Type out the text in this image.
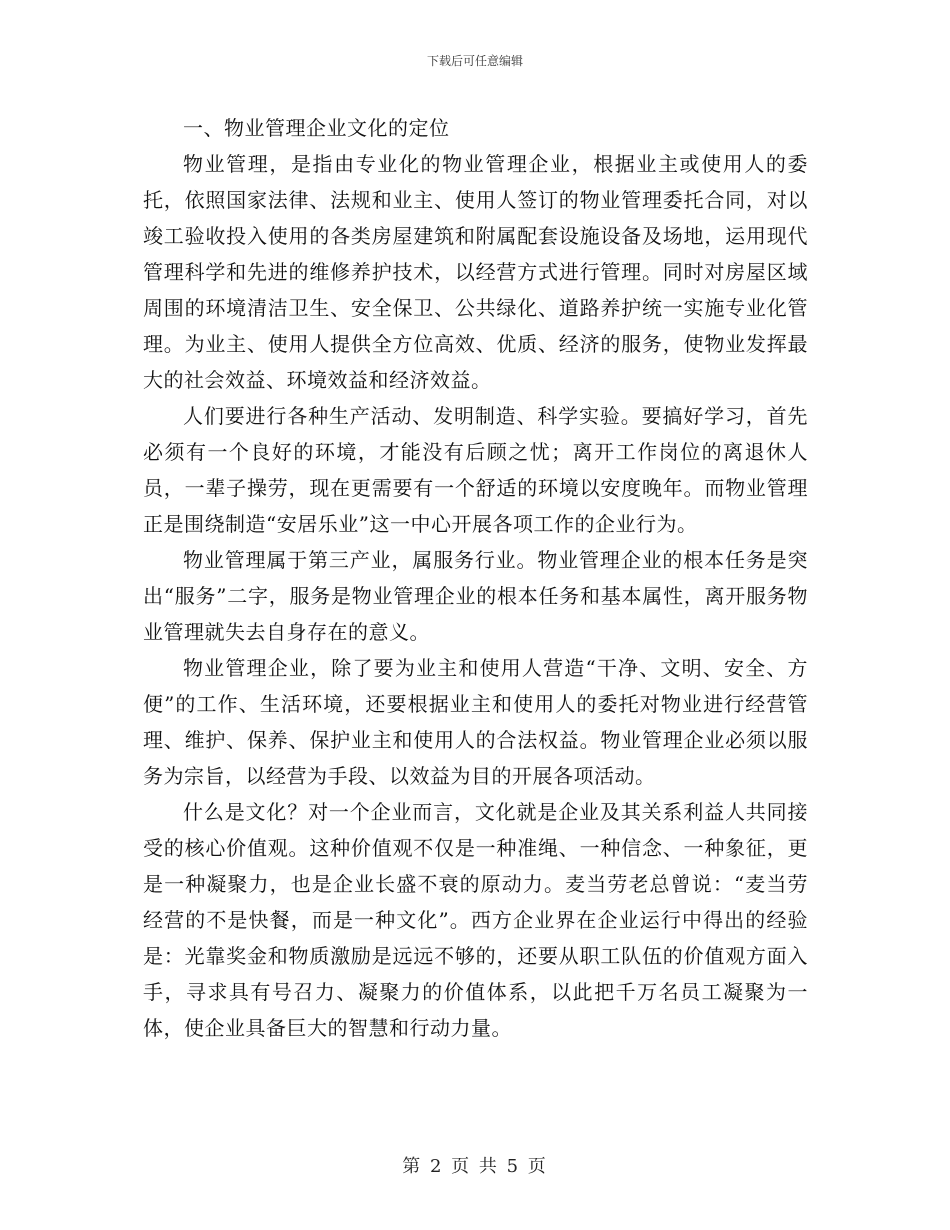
下载后可任意编辑

一、物业管理企业文化的定位

物业管理，是指由专业化的物业管理企业，根据业主或使用人的委托，依照国家法律、法规和业主、使用人签订的物业管理委托合同，对以竣工验收投入使用的各类房屋建筑和附属配套设施设备及场地，运用现代管理科学和先进的维修养护技术，以经营方式进行管理。同时对房屋区域周围的环境清洁卫生、安全保卫、公共绿化、道路养护统一实施专业化管理。为业主、使用人提供全方位高效、优质、经济的服务，使物业发挥最大的社会效益、环境效益和经济效益。

人们要进行各种生产活动、发明制造、科学实验。要搞好学习，首先必须有一个良好的环境，才能没有后顾之忧；离开工作岗位的离退休人员，一辈子操劳，现在更需要有一个舒适的环境以安度晚年。而物业管理正是围绕制造“安居乐业”这一中心开展各项工作的企业行为。

物业管理属于第三产业，属服务行业。物业管理企业的根本任务是突出“服务”二字，服务是物业管理企业的根本任务和基本属性，离开服务物业管理就失去自身存在的意义。

物业管理企业，除了要为业主和使用人营造“干净、文明、安全、方便”的工作、生活环境，还要根据业主和使用人的委托对物业进行经营管理、维护、保养、保护业主和使用人的合法权益。物业管理企业必须以服务为宗旨，以经营为手段、以效益为目的开展各项活动。

什么是文化？对一个企业而言，文化就是企业及其关系利益人共同接受的核心价值观。这种价值观不仅是一种准绳、一种信念、一种象征，更是一种凝聚力，也是企业长盛不衰的原动力。麦当劳老总曾说：“麦当劳经营的不是快餐，而是一种文化”。西方企业界在企业运行中得出的经验是：光靠奖金和物质激励是远远不够的，还要从职工队伍的价值观方面入手，寻求具有号召力、凝聚力的价值体系，以此把千万名员工凝聚为一体，使企业具备巨大的智慧和行动力量。

第 2 页 共 5 页
